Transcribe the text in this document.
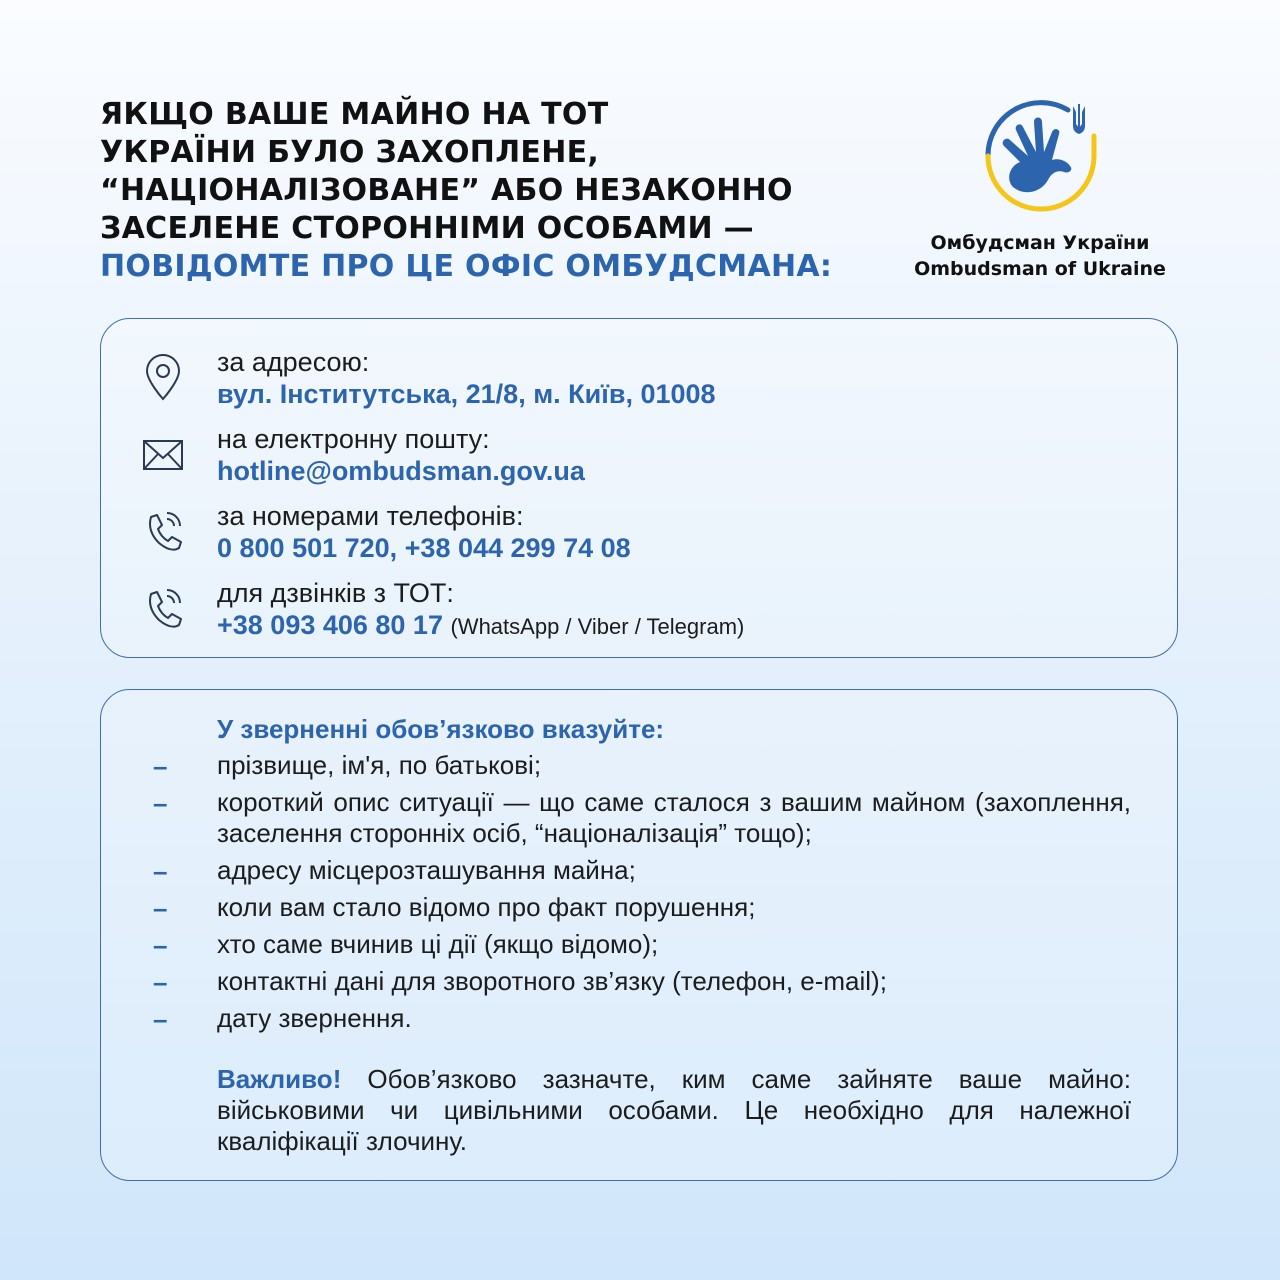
ЯКЩО ВАШЕ МАЙНО НА ТОТ
УКРАЇНИ БУЛО ЗАХОПЛЕНЕ,
“НАЦІОНАЛІЗОВАНЕ” АБО НЕЗАКОННО
ЗАСЕЛЕНЕ СТОРОННІМИ ОСОБАМИ —
ПОВІДОМТЕ ПРО ЦЕ ОФІС ОМБУДСМАНА:
Омбудсман України
Ombudsman of Ukraine
за адресою:
вул. Інститутська, 21/8, м. Київ, 01008
на електронну пошту:
hotline@ombudsman.gov.ua
за номерами телефонів:
0 800 501 720, +38 044 299 74 08
для дзвінків з ТОТ:
+38 093 406 80 17 (WhatsApp / Viber / Telegram)
У зверненні обов’язково вказуйте:
– прізвище, ім'я, по батькові;
– короткий опис ситуації — що саме сталося з вашим майном (захоплення, заселення сторонніх осіб, “націоналізація” тощо);
– адресу місцерозташування майна;
– коли вам стало відомо про факт порушення;
– хто саме вчинив ці дії (якщо відомо);
– контактні дані для зворотного зв’язку (телефон, e-mail);
– дату звернення.
Важливо! Обов’язково зазначте, ким саме зайняте ваше майно: військовими чи цивільними особами. Це необхідно для належної кваліфікації злочину.
